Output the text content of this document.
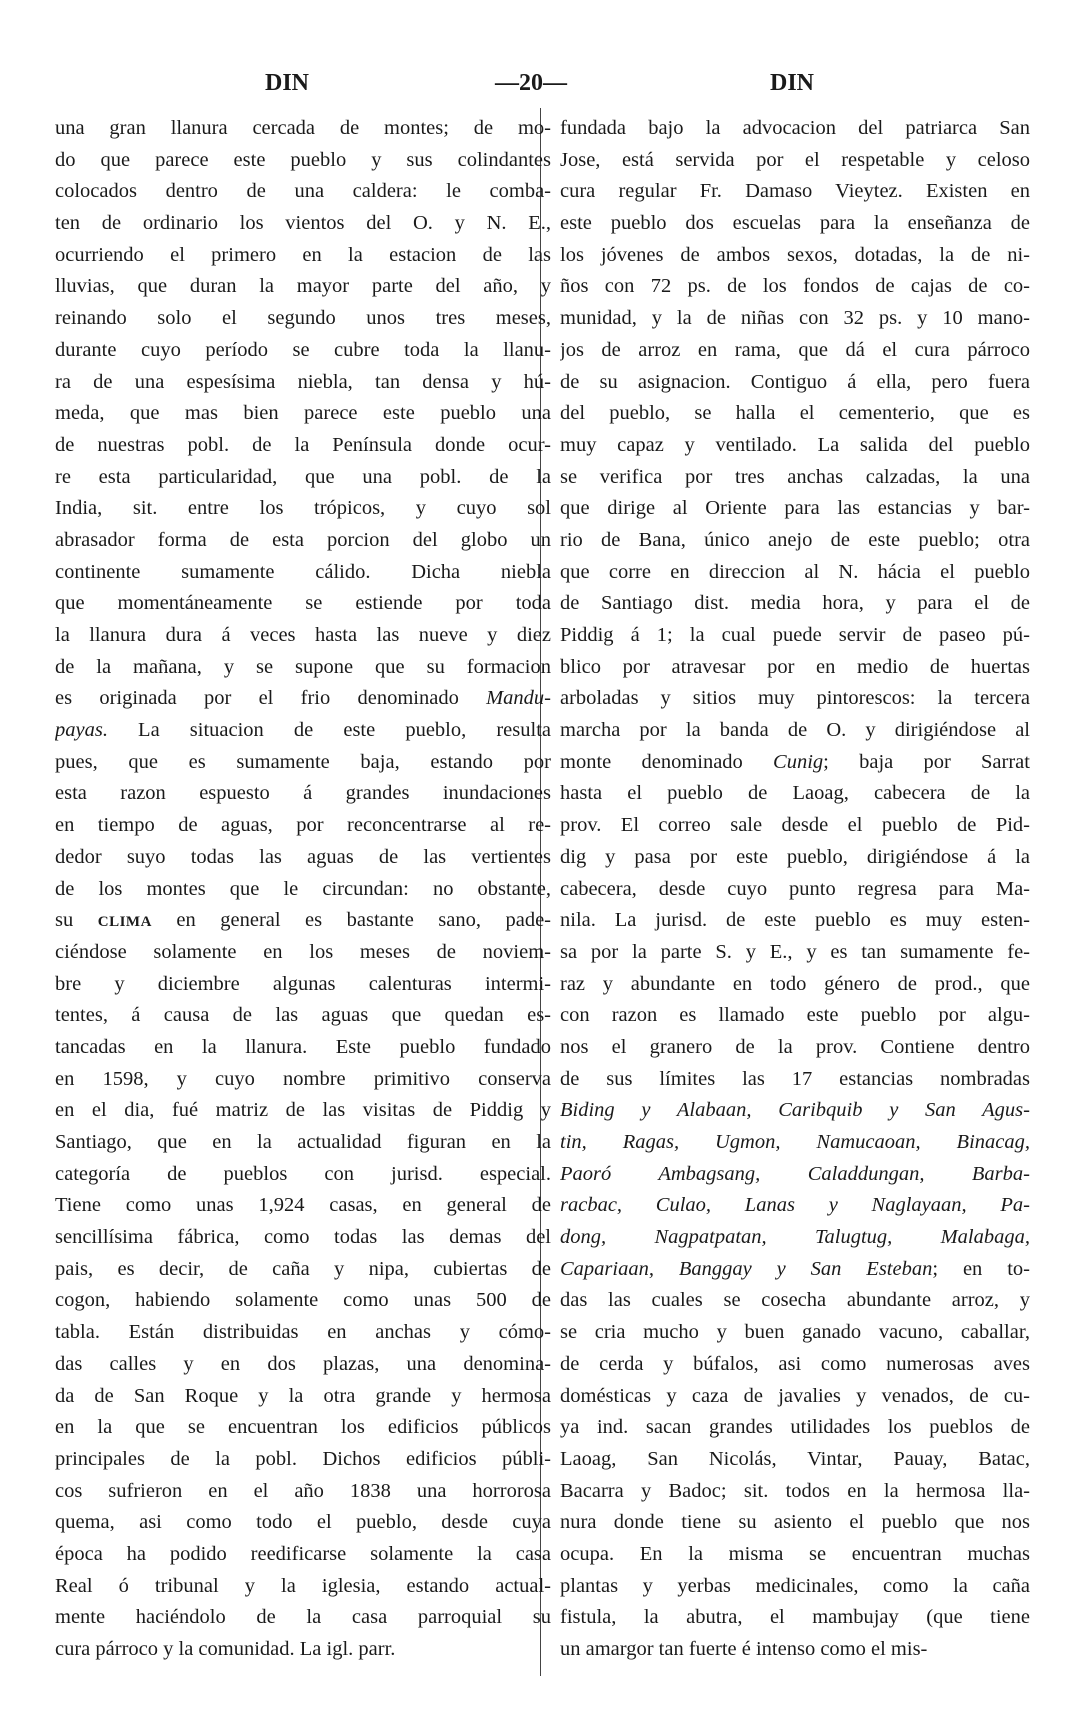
DIN	—20—	DIN
una gran llanura cercada de montes; de mo-
do que parece este pueblo y sus colindantes
colocados dentro de una caldera: le comba-
ten de ordinario los vientos del O. y N. E.,
ocurriendo el primero en la estacion de las
lluvias, que duran la mayor parte del año, y
reinando solo el segundo unos tres meses,
durante cuyo período se cubre toda la llanu-
ra de una espesísima niebla, tan densa y hú-
meda, que mas bien parece este pueblo una
de nuestras pobl. de la Península donde ocur-
re esta particularidad, que una pobl. de la
India, sit. entre los trópicos, y cuyo sol
abrasador forma de esta porcion del globo un
continente sumamente cálido. Dicha niebla
que momentáneamente se estiende por toda
la llanura dura á veces hasta las nueve y diez
de la mañana, y se supone que su formacion
es originada por el frio denominado Mandu-
payas. La situacion de este pueblo, resulta
pues, que es sumamente baja, estando por
esta razon espuesto á grandes inundaciones
en tiempo de aguas, por reconcentrarse al re-
dedor suyo todas las aguas de las vertientes
de los montes que le circundan: no obstante,
su CLIMA en general es bastante sano, pade-
ciéndose solamente en los meses de noviem-
bre y diciembre algunas calenturas intermi-
tentes, á causa de las aguas que quedan es-
tancadas en la llanura. Este pueblo fundado
en 1598, y cuyo nombre primitivo conserva
en el dia, fué matriz de las visitas de Piddig y
Santiago, que en la actualidad figuran en la
categoría de pueblos con jurisd. especial.
Tiene como unas 1,924 casas, en general de
sencillísima fábrica, como todas las demas del
pais, es decir, de caña y nipa, cubiertas de
cogon, habiendo solamente como unas 500 de
tabla. Están distribuidas en anchas y cómo-
das calles y en dos plazas, una denomina-
da de San Roque y la otra grande y hermosa
en la que se encuentran los edificios públicos
principales de la pobl. Dichos edificios públi-
cos sufrieron en el año 1838 una horrorosa
quema, asi como todo el pueblo, desde cuya
época ha podido reedificarse solamente la casa
Real ó tribunal y la iglesia, estando actual-
mente haciéndolo de la casa parroquial su
cura párroco y la comunidad. La igl. parr.
fundada bajo la advocacion del patriarca San
Jose, está servida por el respetable y celoso
cura regular Fr. Damaso Vieytez. Existen en
este pueblo dos escuelas para la enseñanza de
los jóvenes de ambos sexos, dotadas, la de ni-
ños con 72 ps. de los fondos de cajas de co-
munidad, y la de niñas con 32 ps. y 10 mano-
jos de arroz en rama, que dá el cura párroco
de su asignacion. Contiguo á ella, pero fuera
del pueblo, se halla el cementerio, que es
muy capaz y ventilado. La salida del pueblo
se verifica por tres anchas calzadas, la una
que dirige al Oriente para las estancias y bar-
rio de Bana, único anejo de este pueblo; otra
que corre en direccion al N. hácia el pueblo
de Santiago dist. media hora, y para el de
Piddig á 1; la cual puede servir de paseo pú-
blico por atravesar por en medio de huertas
arboladas y sitios muy pintorescos: la tercera
marcha por la banda de O. y dirigiéndose al
monte denominado Cunig; baja por Sarrat
hasta el pueblo de Laoag, cabecera de la
prov. El correo sale desde el pueblo de Pid-
dig y pasa por este pueblo, dirigiéndose á la
cabecera, desde cuyo punto regresa para Ma-
nila. La jurisd. de este pueblo es muy esten-
sa por la parte S. y E., y es tan sumamente fe-
raz y abundante en todo género de prod., que
con razon es llamado este pueblo por algu-
nos el granero de la prov. Contiene dentro
de sus límites las 17 estancias nombradas
Biding y Alabaan, Caribquib y San Agus-
tin, Ragas, Ugmon, Namucaoan, Binacag,
Paoró Ambagsang, Caladdungan, Barba-
racbac, Culao, Lanas y Naglayaan, Pa-
dong, Nagpatpatan, Talugtug, Malabaga,
Capariaan, Banggay y San Esteban; en to-
das las cuales se cosecha abundante arroz, y
se cria mucho y buen ganado vacuno, caballar,
de cerda y búfalos, asi como numerosas aves
domésticas y caza de javalies y venados, de cu-
ya ind. sacan grandes utilidades los pueblos de
Laoag, San Nicolás, Vintar, Pauay, Batac,
Bacarra y Badoc; sit. todos en la hermosa lla-
nura donde tiene su asiento el pueblo que nos
ocupa. En la misma se encuentran muchas
plantas y yerbas medicinales, como la caña
fistula, la abutra, el mambujay (que tiene
un amargor tan fuerte é intenso como el mis-
